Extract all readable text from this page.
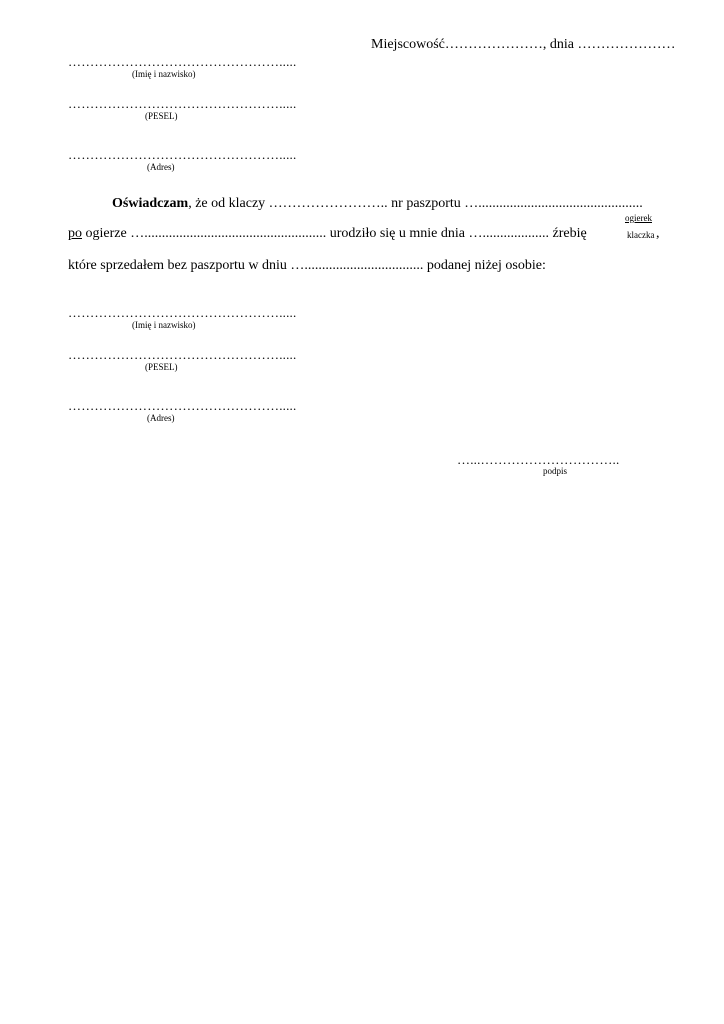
Miejscowość…………………, dnia …………………
………………………………………….....
(Imię i nazwisko)
………………………………………….....
(PESEL)
………………………………………….....
(Adres)
Oświadczam, że od klaczy …………………….. nr paszportu …...............................................
ogierek
po ogierze ….................................................... urodziło się u mnie dnia …................... źrebię	klaczka ,
które sprzedałem bez paszportu w dniu ….................................. podanej niżej osobie:
………………………………………….....
(Imię i nazwisko)
………………………………………….....
(PESEL)
………………………………………….....
(Adres)
…...…………………………..
podpis
